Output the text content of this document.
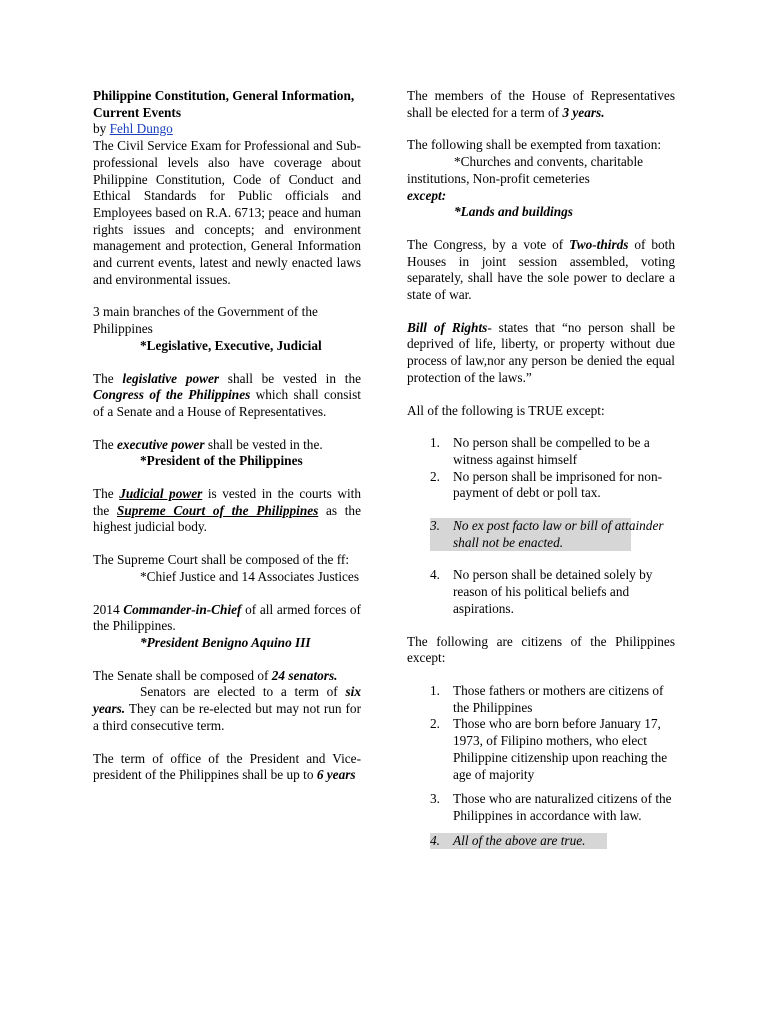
Philippine Constitution, General Information, Current Events

by Fehl Dungo

The Civil Service Exam for Professional and Sub-professional levels also have coverage about Philippine Constitution, Code of Conduct and Ethical Standards for Public officials and Employees based on R.A. 6713; peace and human rights issues and concepts; and environment management and protection, General Information and current events, latest and newly enacted laws and environmental issues.

3 main branches of the Government of the Philippines

*Legislative, Executive, Judicial

The legislative power shall be vested in the Congress of the Philippines which shall consist of a Senate and a House of Representatives.

The executive power shall be vested in the.

*President of the Philippines

The Judicial power is vested in the courts with the Supreme Court of the Philippines as the highest judicial body.

The Supreme Court shall be composed of the ff:

*Chief Justice and 14 Associates Justices

2014 Commander-in-Chief of all armed forces of the Philippines.

*President Benigno Aquino III

The Senate shall be composed of 24 senators.

Senators are elected to a term of six years. They can be re-elected but may not run for a third consecutive term.

The term of office of the President and Vice-president of the Philippines shall be up to 6 years

The members of the House of Representatives shall be elected for a term of 3 years.

The following shall be exempted from taxation:

*Churches and convents, charitable institutions, Non-profit cemeteries

except:

*Lands and buildings

The Congress, by a vote of Two-thirds of both Houses in joint session assembled, voting separately, shall have the sole power to declare a state of war.

Bill of Rights- states that “no person shall be deprived of life, liberty, or property without due process of law,nor any person be denied the equal protection of the laws.”

All of the following is TRUE except:

1. No person shall be compelled to be a witness against himself
2. No person shall be imprisoned for non-payment of debt or poll tax.
3. No ex post facto law or bill of attainder shall not be enacted.
4. No person shall be detained solely by reason of his political beliefs and aspirations.

The following are citizens of the Philippines except:

1. Those fathers or mothers are citizens of the Philippines
2. Those who are born before January 17, 1973, of Filipino mothers, who elect Philippine citizenship upon reaching the age of majority
3. Those who are naturalized citizens of the Philippines in accordance with law.
4. All of the above are true.
